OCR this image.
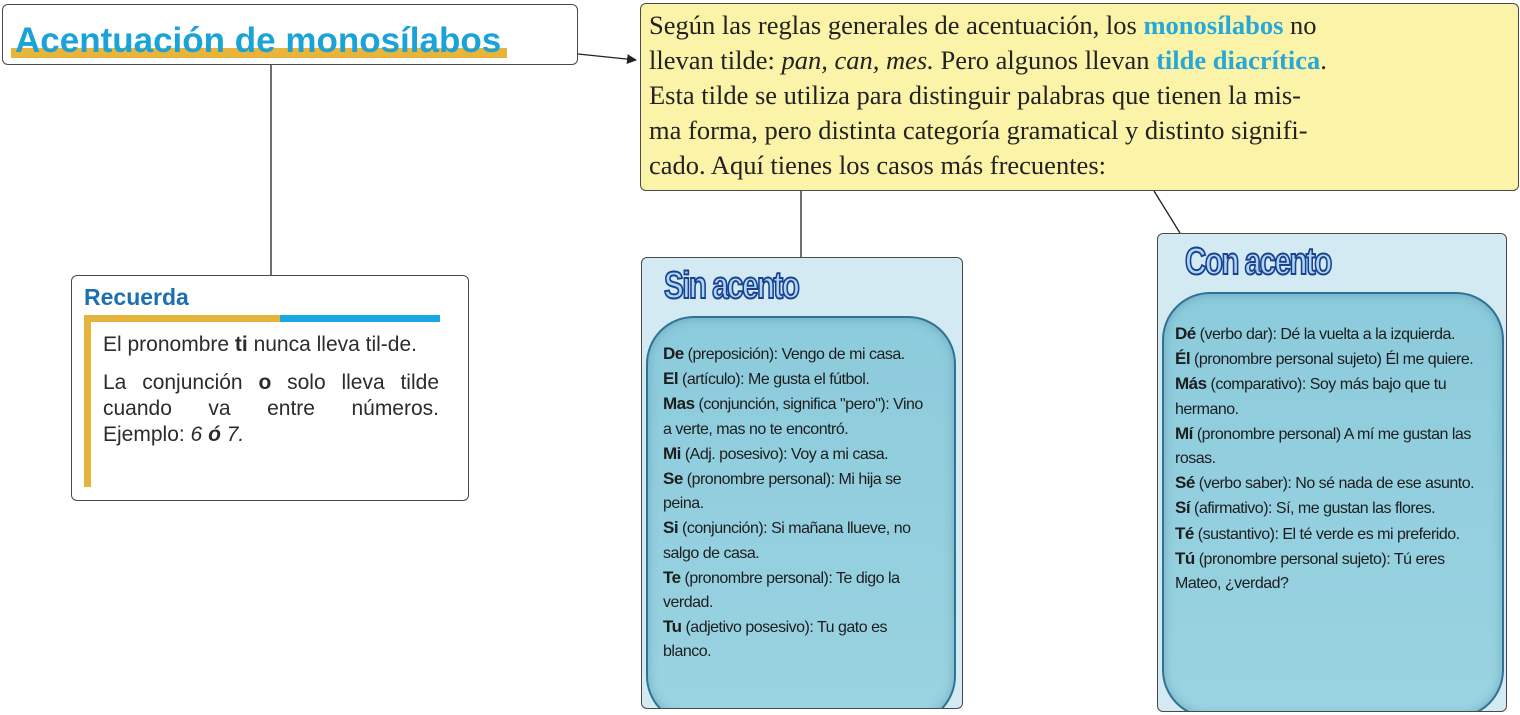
Acentuación de monosílabos	Según las reglas generales de acentuación, los monosílabos no

llevan tilde: pan, can, mes. Pero algunos llevan tilde diacrítica.

Esta tilde se utiliza para distinguir palabras que tienen la mis-

ma forma, pero distinta categoría gramatical y distinto signifi-

cado. Aquí tienes los casos más frecuentes:

Recuerda

El pronombre ti nunca lleva til-de.

La conjunción o solo lleva tilde cuando va entre números. Ejemplo: 6 ó 7.

Sin acento
De (preposición): Vengo de mi casa.
El (artículo): Me gusta el fútbol.
Mas (conjunción, significa "pero"): Vino a verte, mas no te encontró.
Mi (Adj. posesivo): Voy a mi casa.
Se (pronombre personal): Mi hija se peina.
Si (conjunción): Si mañana llueve, no salgo de casa.
Te (pronombre personal): Te digo la verdad.
Tu (adjetivo posesivo): Tu gato es blanco.
Con acento
Dé (verbo dar): Dé la vuelta a la izquierda.
Él (pronombre personal sujeto) Él me quiere.
Más (comparativo): Soy más bajo que tu hermano.
Mí (pronombre personal) A mí me gustan las rosas.
Sé (verbo saber): No sé nada de ese asunto.
Sí (afirmativo): Sí, me gustan las flores.
Té (sustantivo): El té verde es mi preferido.
Tú (pronombre personal sujeto): Tú eres Mateo, ¿verdad?
